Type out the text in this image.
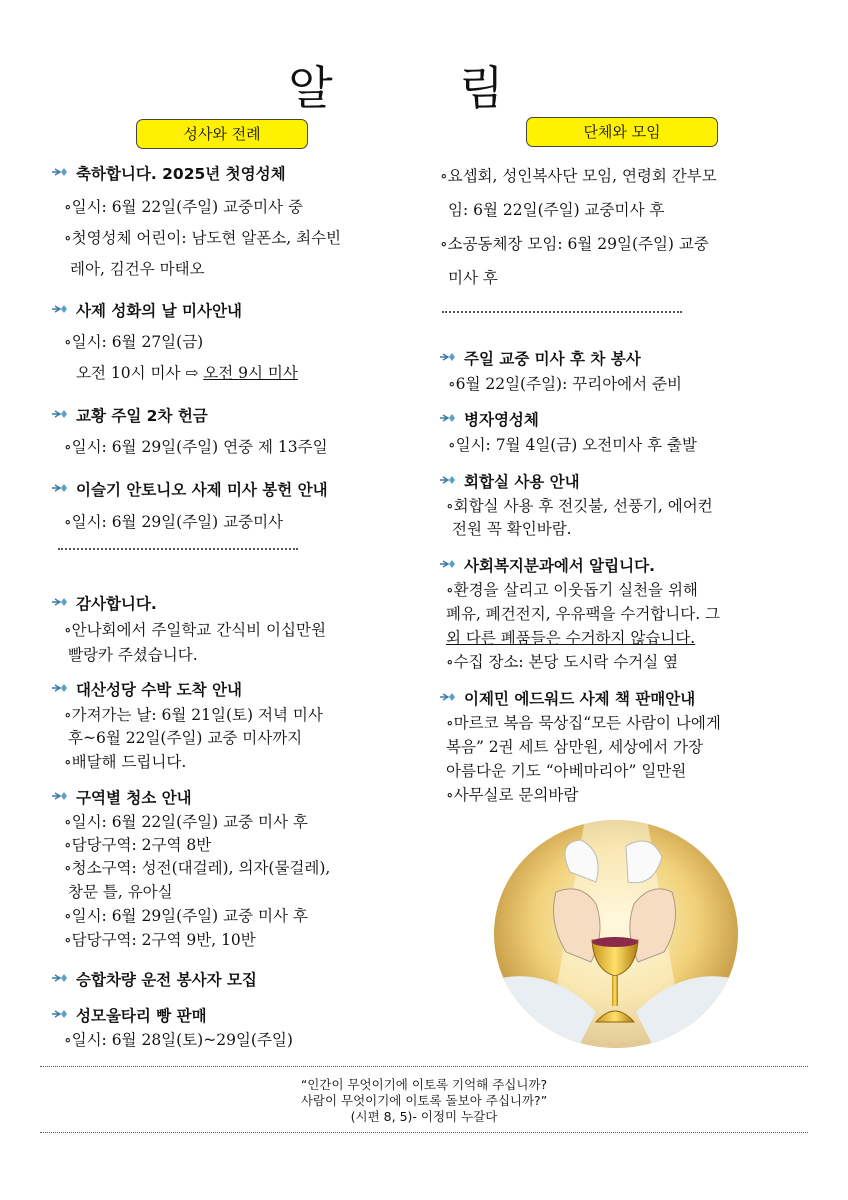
알 림
성사와 전례	단체와 모임
축하합니다. 2025년 첫영성체
∘일시: 6월 22일(주일) 교중미사 중
∘첫영성체 어린이: 남도현 알폰소, 최수빈
레아, 김건우 마태오
사제 성화의 날 미사안내
∘일시: 6월 27일(금)
오전 10시 미사 ⇨ 오전 9시 미사
교황 주일 2차 헌금
∘일시: 6월 29일(주일) 연중 제 13주일
이슬기 안토니오 사제 미사 봉헌 안내
∘일시: 6월 29일(주일) 교중미사
감사합니다.
∘안나회에서 주일학교 간식비 이십만원
빨랑카 주셨습니다.
대산성당 수박 도착 안내
∘가져가는 날: 6월 21일(토) 저녁 미사
후~6월 22일(주일) 교중 미사까지
∘배달해 드립니다.
구역별 청소 안내
∘일시: 6월 22일(주일) 교중 미사 후
∘담당구역: 2구역 8반
∘청소구역: 성전(대걸레), 의자(물걸레),
창문 틀, 유아실
∘일시: 6월 29일(주일) 교중 미사 후
∘담당구역: 2구역 9반, 10반
승합차량 운전 봉사자 모집
성모울타리 빵 판매
∘일시: 6월 28일(토)~29일(주일)
∘요셉회, 성인복사단 모임, 연령회 간부모
임: 6월 22일(주일) 교중미사 후
∘소공동체장 모임: 6월 29일(주일) 교중
미사 후
주일 교중 미사 후 차 봉사
∘6월 22일(주일): 꾸리아에서 준비
병자영성체
∘일시: 7월 4일(금) 오전미사 후 출발
회합실 사용 안내
∘회합실 사용 후 전깃불, 선풍기, 에어컨
전원 꼭 확인바람.
사회복지분과에서 알립니다.
∘환경을 살리고 이웃돕기 실천을 위해
폐유, 폐건전지, 우유팩을 수거합니다. 그
외 다른 폐품들은 수거하지 않습니다.
∘수집 장소: 본당 도시락 수거실 옆
이제민 에드워드 사제 책 판매안내
∘마르코 복음 묵상집“모든 사람이 나에게
복음” 2권 세트 삼만원, 세상에서 가장
아름다운 기도 “아베마리아” 일만원
∘사무실로 문의바람
“인간이 무엇이기에 이토록 기억해 주십니까?
사람이 무엇이기에 이토록 돌보아 주십니까?”
(시편 8, 5)- 이정미 누갈다
